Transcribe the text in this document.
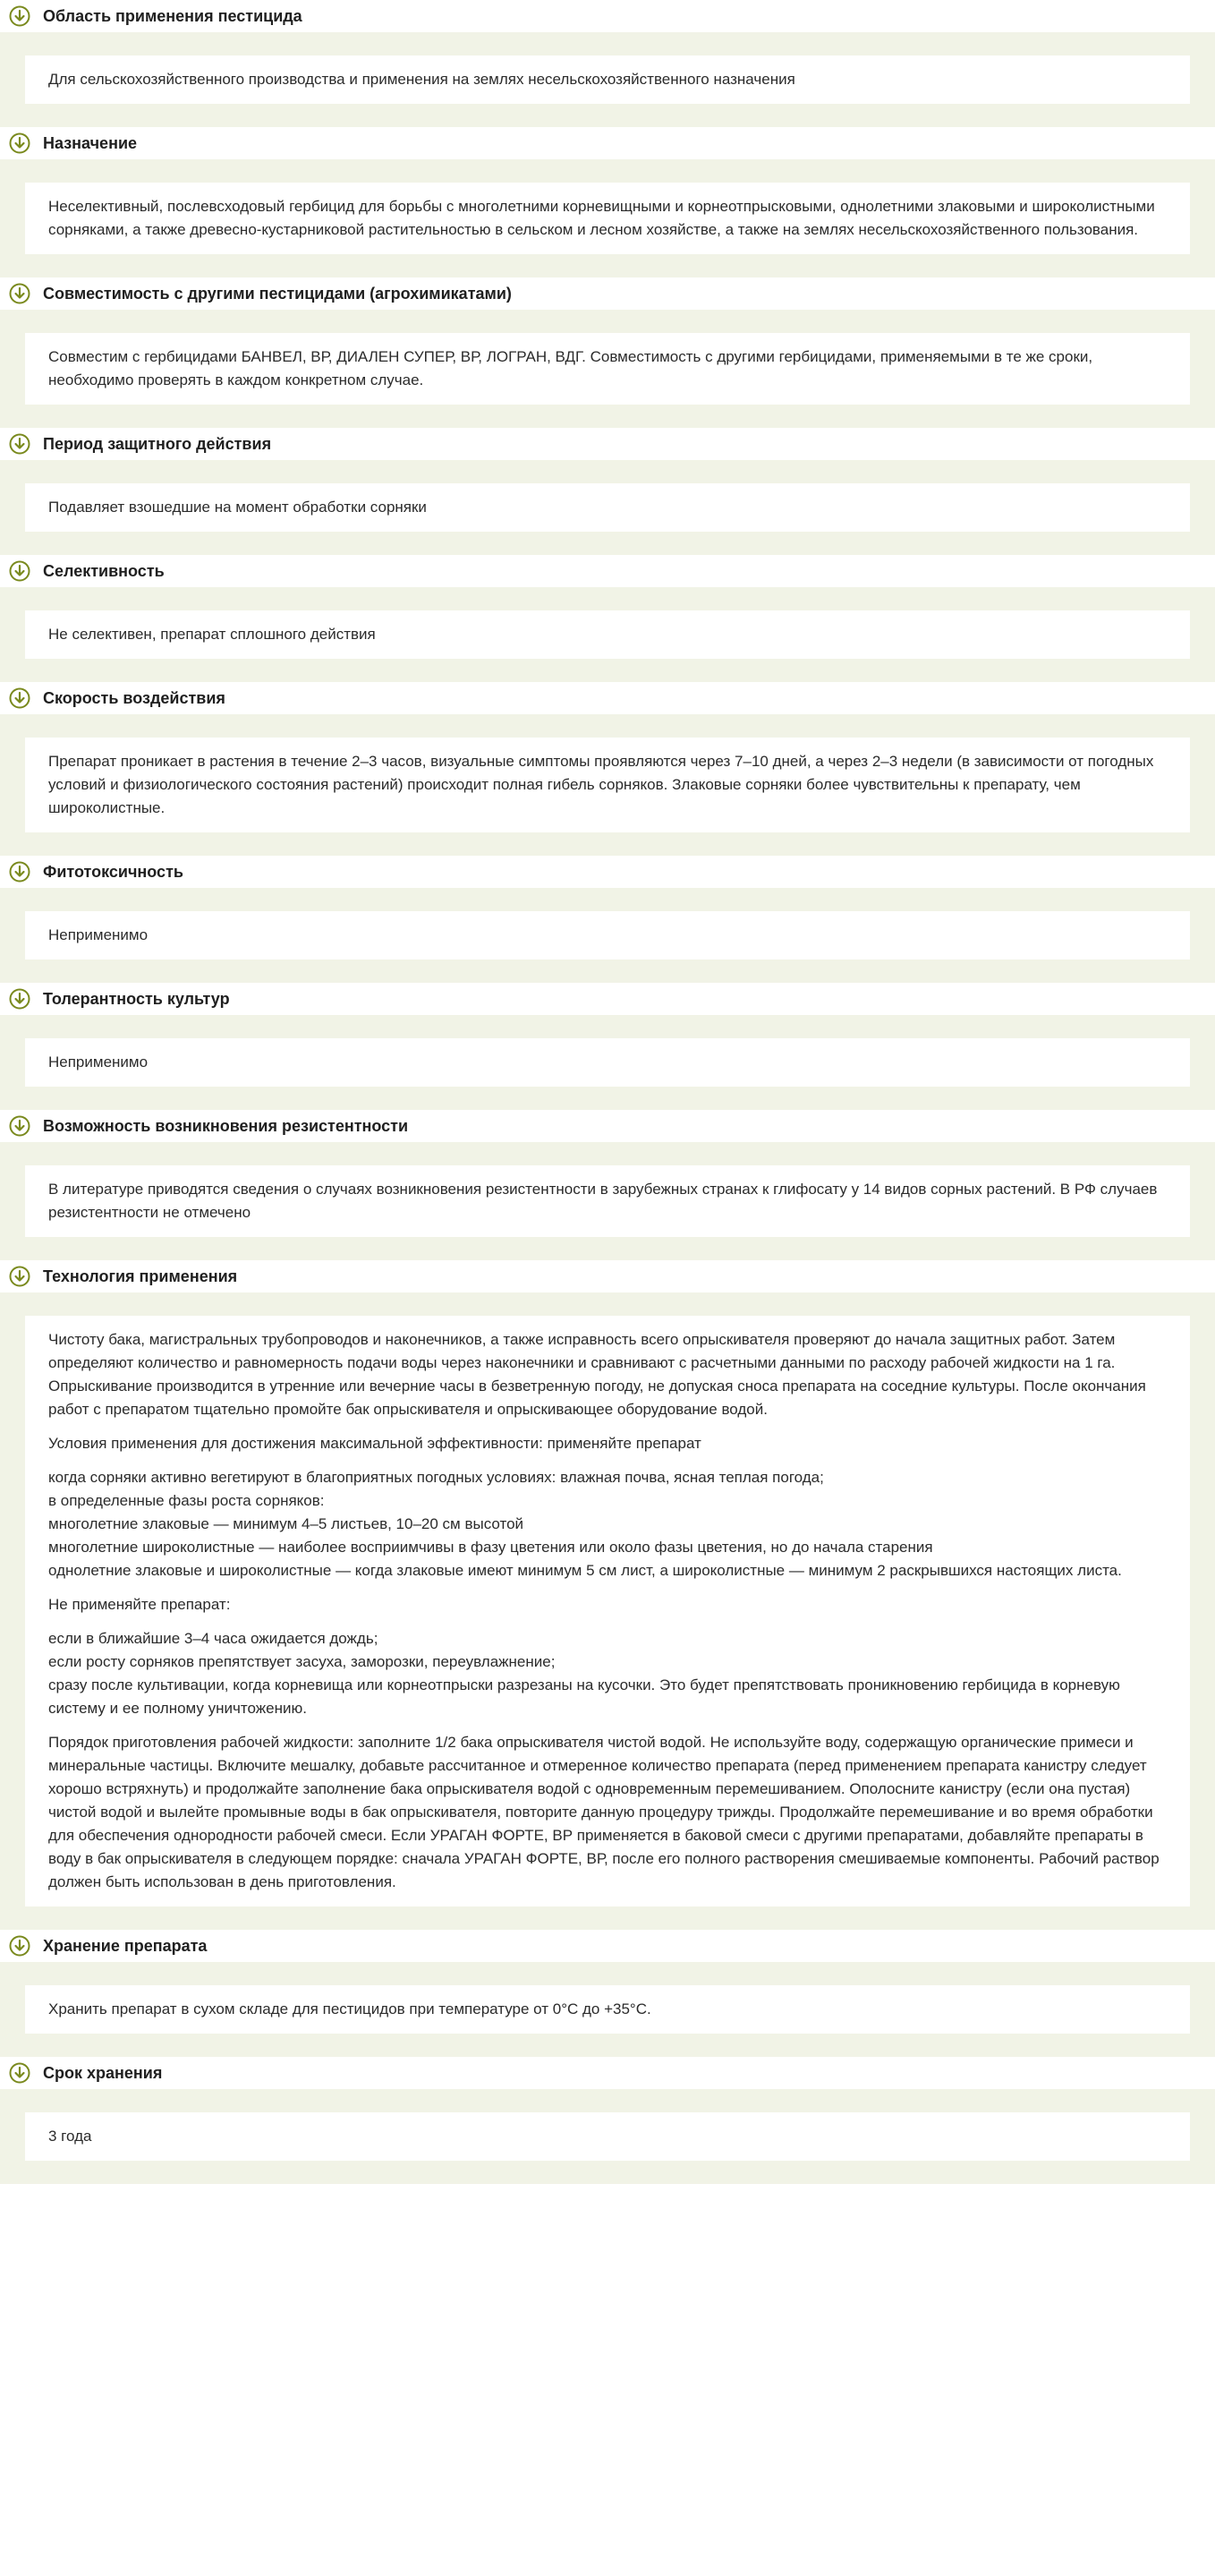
Область применения пестицида

Для сельскохозяйственного производства и применения на землях несельскохозяйственного назначения

Назначение

Неселективный, послевсходовый гербицид для борьбы с многолетними корневищными и корнеотпрысковыми, однолетними злаковыми и широколистными сорняками, а также древесно-кустарниковой растительностью в сельском и лесном хозяйстве, а также на землях несельскохозяйственного пользования.

Совместимость с другими пестицидами (агрохимикатами)

Совместим с гербицидами БАНВЕЛ, ВР, ДИАЛЕН СУПЕР, ВР, ЛОГРАН, ВДГ. Совместимость с другими гербицидами, применяемыми в те же сроки, необходимо проверять в каждом конкретном случае.

Период защитного действия

Подавляет взошедшие на момент обработки сорняки

Селективность

Не селективен, препарат сплошного действия

Скорость воздействия

Препарат проникает в растения в течение 2–3 часов, визуальные симптомы проявляются через 7–10 дней, а через 2–3 недели (в зависимости от погодных условий и физиологического состояния растений) происходит полная гибель сорняков. Злаковые сорняки более чувствительны к препарату, чем широколистные.

Фитотоксичность

Неприменимо

Толерантность культур

Неприменимо

Возможность возникновения резистентности

В литературе приводятся сведения о случаях возникновения резистентности в зарубежных странах к глифосату у 14 видов сорных растений. В РФ случаев резистентности не отмечено

Технология применения

Чистоту бака, магистральных трубопроводов и наконечников, а также исправность всего опрыскивателя проверяют до начала защитных работ. Затем определяют количество и равномерность подачи воды через наконечники и сравнивают с расчетными данными по расходу рабочей жидкости на 1 га. Опрыскивание производится в утренние или вечерние часы в безветренную погоду, не допуская сноса препарата на соседние культуры. После окончания работ с препаратом тщательно промойте бак опрыскивателя и опрыскивающее оборудование водой.

Условия применения для достижения максимальной эффективности: применяйте препарат

когда сорняки активно вегетируют в благоприятных погодных условиях: влажная почва, ясная теплая погода;
в определенные фазы роста сорняков:
многолетние злаковые — минимум 4–5 листьев, 10–20 см высотой
многолетние широколистные — наиболее восприимчивы в фазу цветения или около фазы цветения, но до начала старения
однолетние злаковые и широколистные — когда злаковые имеют минимум 5 см лист, а широколистные — минимум 2 раскрывшихся настоящих листа.

Не применяйте препарат:

если в ближайшие 3–4 часа ожидается дождь;
если росту сорняков препятствует засуха, заморозки, переувлажнение;
сразу после культивации, когда корневища или корнеотпрыски разрезаны на кусочки. Это будет препятствовать проникновению гербицида в корневую систему и ее полному уничтожению.

Порядок приготовления рабочей жидкости: заполните 1/2 бака опрыскивателя чистой водой. Не используйте воду, содержащую органические примеси и минеральные частицы. Включите мешалку, добавьте рассчитанное и отмеренное количество препарата (перед применением препарата канистру следует хорошо встряхнуть) и продолжайте заполнение бака опрыскивателя водой с одновременным перемешиванием. Ополосните канистру (если она пустая) чистой водой и вылейте промывные воды в бак опрыскивателя, повторите данную процедуру трижды. Продолжайте перемешивание и во время обработки для обеспечения однородности рабочей смеси. Если УРАГАН ФОРТЕ, ВР применяется в баковой смеси с другими препаратами, добавляйте препараты в воду в бак опрыскивателя в следующем порядке: сначала УРАГАН ФОРТЕ, ВР, после его полного растворения смешиваемые компоненты. Рабочий раствор должен быть использован в день приготовления.

Хранение препарата

Хранить препарат в сухом складе для пестицидов при температуре от 0°С до +35°С.

Срок хранения

3 года
